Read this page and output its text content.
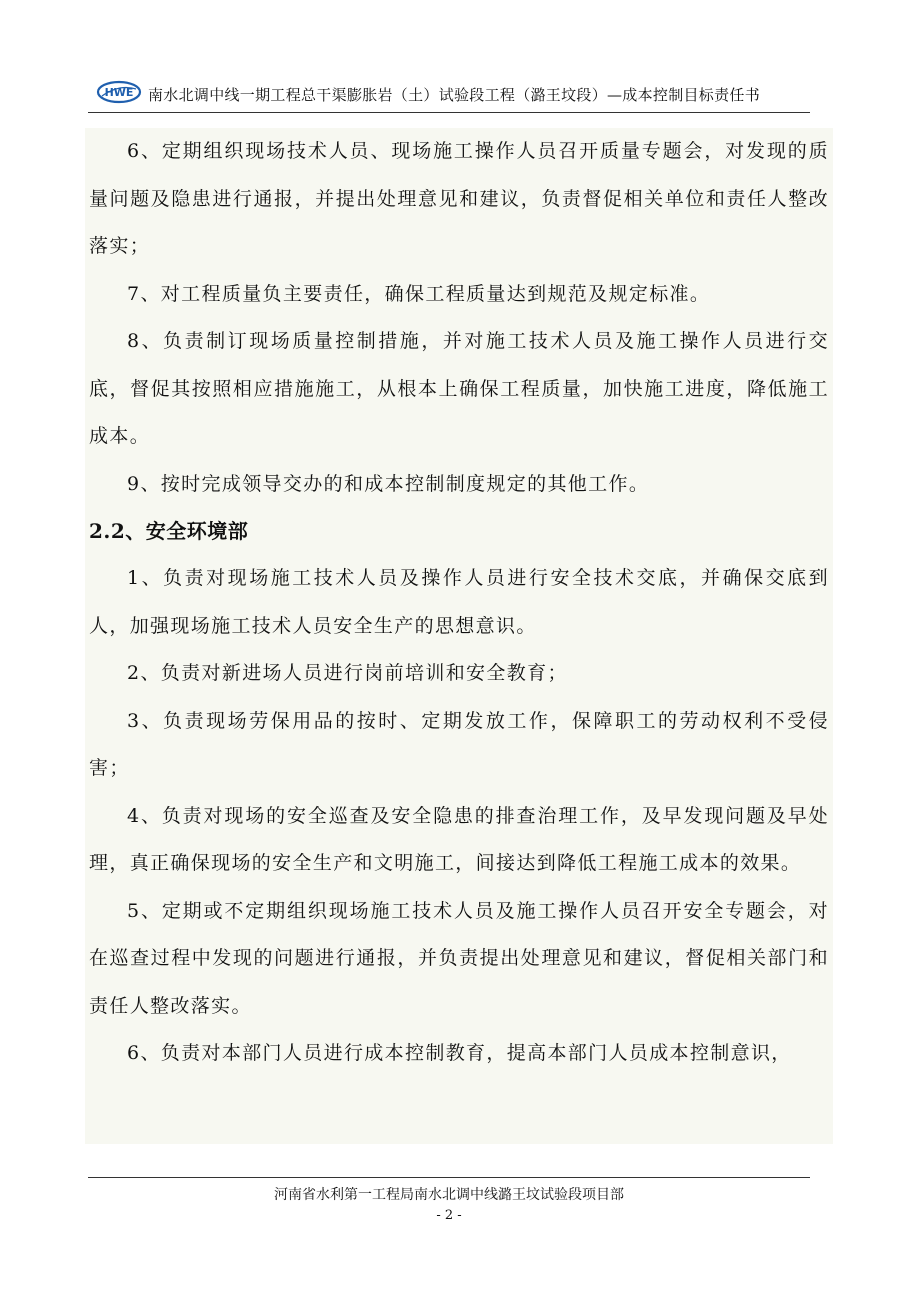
HWE 南水北调中线一期工程总干渠膨胀岩（土）试验段工程（潞王坟段）—成本控制目标责任书

6、定期组织现场技术人员、现场施工操作人员召开质量专题会，对发现的质量问题及隐患进行通报，并提出处理意见和建议，负责督促相关单位和责任人整改落实；

7、对工程质量负主要责任，确保工程质量达到规范及规定标准。

8、负责制订现场质量控制措施，并对施工技术人员及施工操作人员进行交底，督促其按照相应措施施工，从根本上确保工程质量，加快施工进度，降低施工成本。

9、按时完成领导交办的和成本控制制度规定的其他工作。

2.2、安全环境部

1、负责对现场施工技术人员及操作人员进行安全技术交底，并确保交底到人，加强现场施工技术人员安全生产的思想意识。

2、负责对新进场人员进行岗前培训和安全教育；

3、负责现场劳保用品的按时、定期发放工作，保障职工的劳动权利不受侵害；

4、负责对现场的安全巡查及安全隐患的排查治理工作，及早发现问题及早处理，真正确保现场的安全生产和文明施工，间接达到降低工程施工成本的效果。

5、定期或不定期组织现场施工技术人员及施工操作人员召开安全专题会，对在巡查过程中发现的问题进行通报，并负责提出处理意见和建议，督促相关部门和责任人整改落实。

6、负责对本部门人员进行成本控制教育，提高本部门人员成本控制意识，

河南省水利第一工程局南水北调中线潞王坟试验段项目部
- 2 -
